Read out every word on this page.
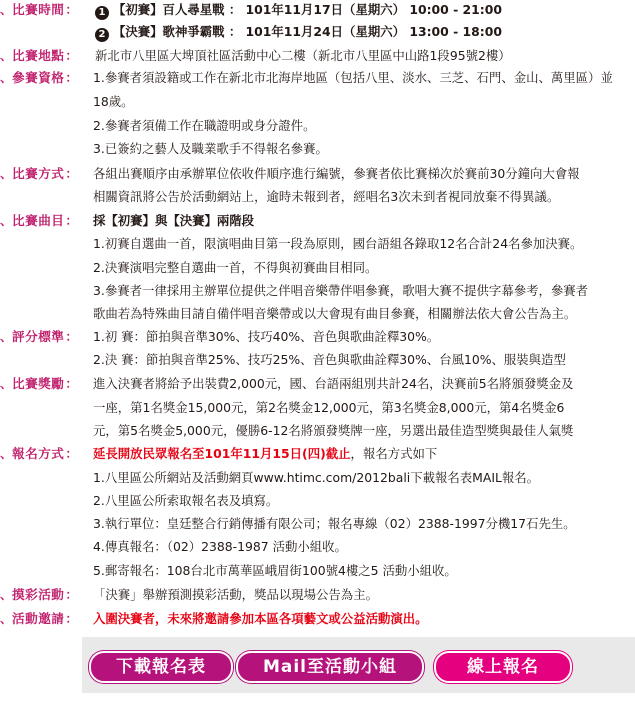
、比賽時間：	1 【初賽】百人尋星戰 ： 101年11月17日（星期六） 10:00 - 21:00
2 【決賽】歌神爭霸戰 ： 101年11月24日（星期六） 13:00 - 18:00
、比賽地點：	新北市八里區大埤頂社區活動中心二樓（新北市八里區中山路1段95號2樓）
、參賽資格：	1.參賽者須設籍或工作在新北市北海岸地區（包括八里、淡水、三芝、石門、金山、萬里區）並
18歲。
2.參賽者須備工作在職證明或身分證件。
3.已簽約之藝人及職業歌手不得報名參賽。
、比賽方式：	各組出賽順序由承辦單位依收件順序進行編號，參賽者依比賽梯次於賽前30分鐘向大會報
相關資訊將公告於活動網站上，逾時未報到者，經唱名3次未到者視同放棄不得異議。
、比賽曲目：	採【初賽】與【決賽】兩階段
1.初賽自選曲一首，限演唱曲目第一段為原則，國台語組各錄取12名合計24名參加決賽。
2.決賽演唱完整自選曲一首，不得與初賽曲目相同。
3.參賽者一律採用主辦單位提供之伴唱音樂帶伴唱參賽，歌唱大賽不提供字幕參考，參賽者
歌曲若為特殊曲目請自備伴唱音樂帶或以大會現有曲目參賽，相關辦法依大會公告為主。
、評分標準：	1.初 賽：節拍與音準30%、技巧40%、音色與歌曲詮釋30%。
2.決 賽：節拍與音準25%、技巧25%、音色與歌曲詮釋30%、台風10%、服裝與造型
、比賽獎勵：	進入決賽者將給予出裝費2,000元，國、台語兩組別共計24名，決賽前5名將頒發獎金及
一座，第1名獎金15,000元，第2名獎金12,000元，第3名獎金8,000元，第4名獎金6
元，第5名獎金5,000元，優勝6-12名將頒發獎牌一座，另選出最佳造型獎與最佳人氣獎
、報名方式：	延長開放民眾報名至101年11月15日(四)截止，報名方式如下
1.八里區公所網站及活動網頁www.htimc.com/2012bali下載報名表MAIL報名。
2.八里區公所索取報名表及填寫。
3.執行單位：皇廷整合行銷傳播有限公司；報名專線（02）2388-1997分機17石先生。
4.傳真報名：（02）2388-1987 活動小組收。
5.郵寄報名：108台北市萬華區峨眉街100號4樓之5 活動小組收。
、摸彩活動：	「決賽」舉辦預測摸彩活動，獎品以現場公告為主。
、活動邀請：	入圍決賽者，未來將邀請參加本區各項藝文或公益活動演出。
下載報名表	Mail至活動小組	線上報名
